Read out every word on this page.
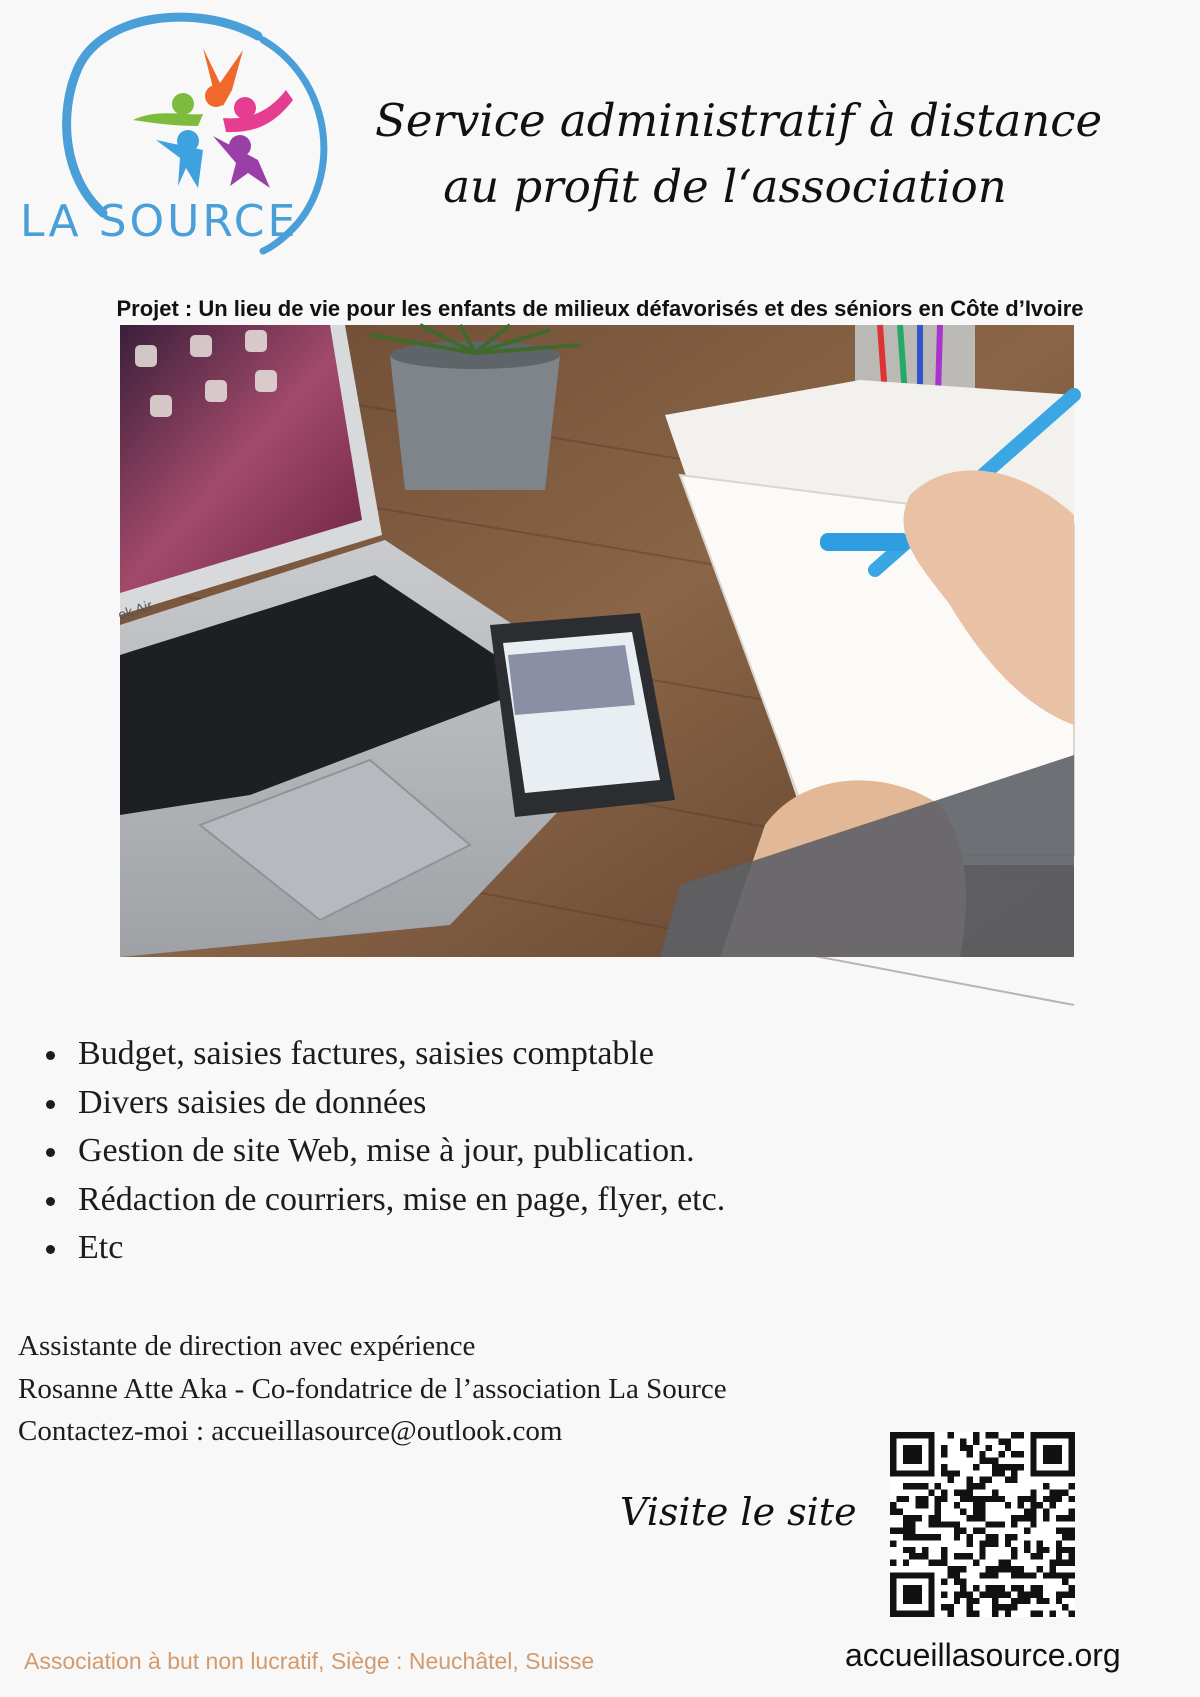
LA SOURCE
Service administratif à distance
au profit de l‘association
Projet : Un lieu de vie pour les enfants de milieux défavorisés et des séniors en Côte d’Ivoire
ok Air
Budget, saisies factures, saisies comptable
Divers saisies de données
Gestion de site Web, mise à jour, publication.
Rédaction de courriers, mise en page, flyer, etc.
Etc
Assistante de direction avec expérience
Rosanne Atte Aka - Co-fondatrice de l’association La Source
Contactez-moi : accueillasource@outlook.com
Visite le site
accueillasource.org
Association à but non lucratif, Siège : Neuchâtel, Suisse
